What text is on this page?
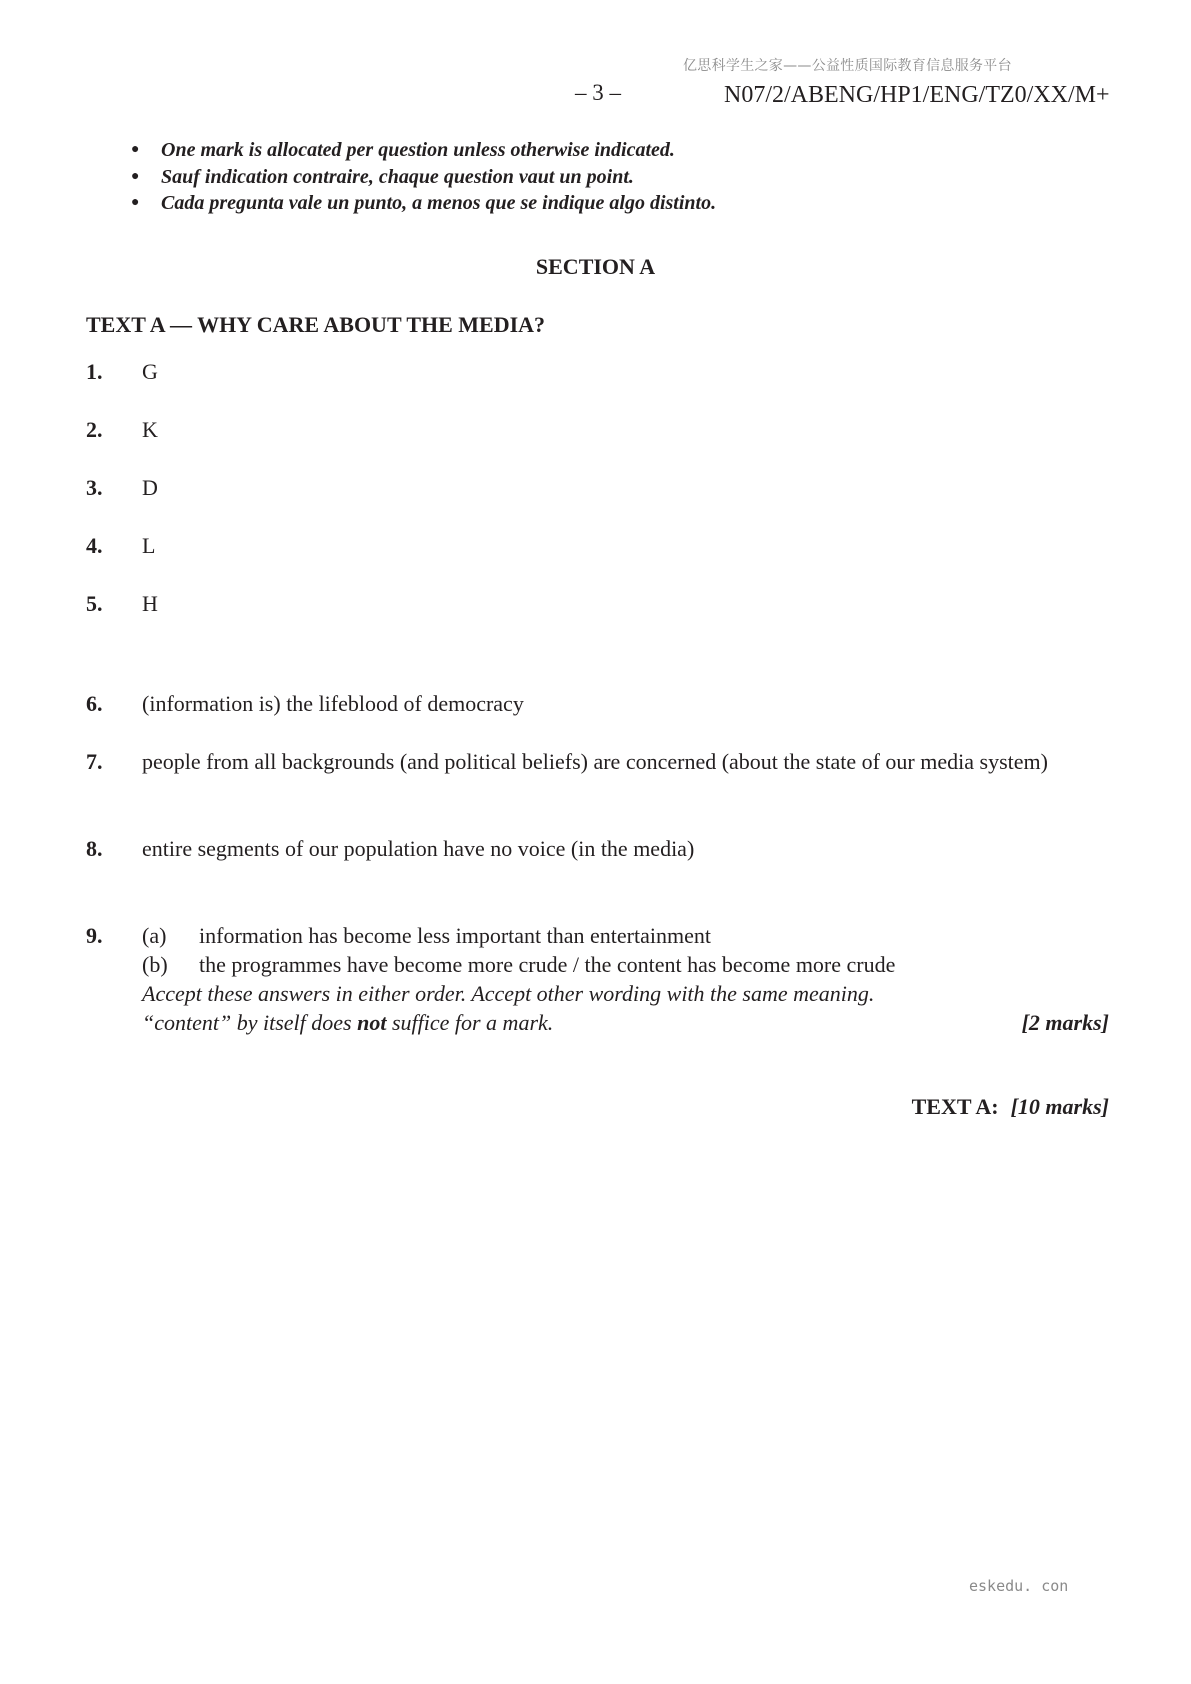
亿思科学生之家——公益性质国际教育信息服务平台
– 3 –	N07/2/ABENG/HP1/ENG/TZ0/XX/M+
● One mark is allocated per question unless otherwise indicated.
● Sauf indication contraire, chaque question vaut un point.
● Cada pregunta vale un punto, a menos que se indique algo distinto.
SECTION A
TEXT A — WHY CARE ABOUT THE MEDIA?
1. G
2. K
3. D
4. L
5. H
6. (information is) the lifeblood of democracy
7. people from all backgrounds (and political beliefs) are concerned (about the state of our media system)
8. entire segments of our population have no voice (in the media)
9. (a) information has become less important than entertainment
(b) the programmes have become more crude / the content has become more crude
Accept these answers in either order. Accept other wording with the same meaning.
“content” by itself does not suffice for a mark.	[2 marks]
TEXT A: [10 marks]
eskedu. con
